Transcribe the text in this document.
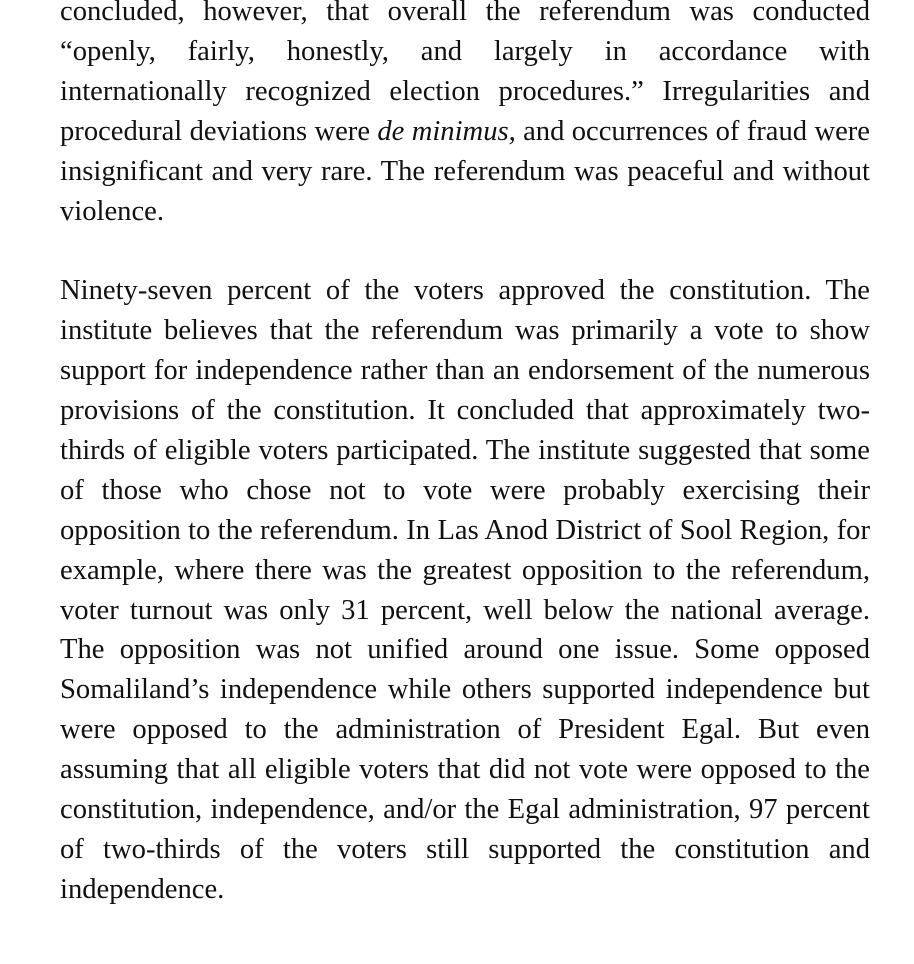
concluded, however, that overall the referendum was conducted “openly, fairly, honestly, and largely in accordance with internationally recognized election procedures.” Irregularities and procedural deviations were de minimus, and occurrences of fraud were insignificant and very rare. The referendum was peaceful and without violence.

Ninety-seven percent of the voters approved the constitution. The institute believes that the referendum was primarily a vote to show support for independence rather than an endorsement of the numerous provisions of the constitution. It concluded that approximately two-thirds of eligible voters participated. The institute suggested that some of those who chose not to vote were probably exercising their opposition to the referendum. In Las Anod District of Sool Region, for example, where there was the greatest opposition to the referendum, voter turnout was only 31 percent, well below the national average. The opposition was not unified around one issue. Some opposed Somaliland’s independence while others supported independence but were opposed to the administration of President Egal. But even assuming that all eligible voters that did not vote were opposed to the constitution, independence, and/or the Egal administration, 97 percent of two-thirds of the voters still supported the constitution and independence.
